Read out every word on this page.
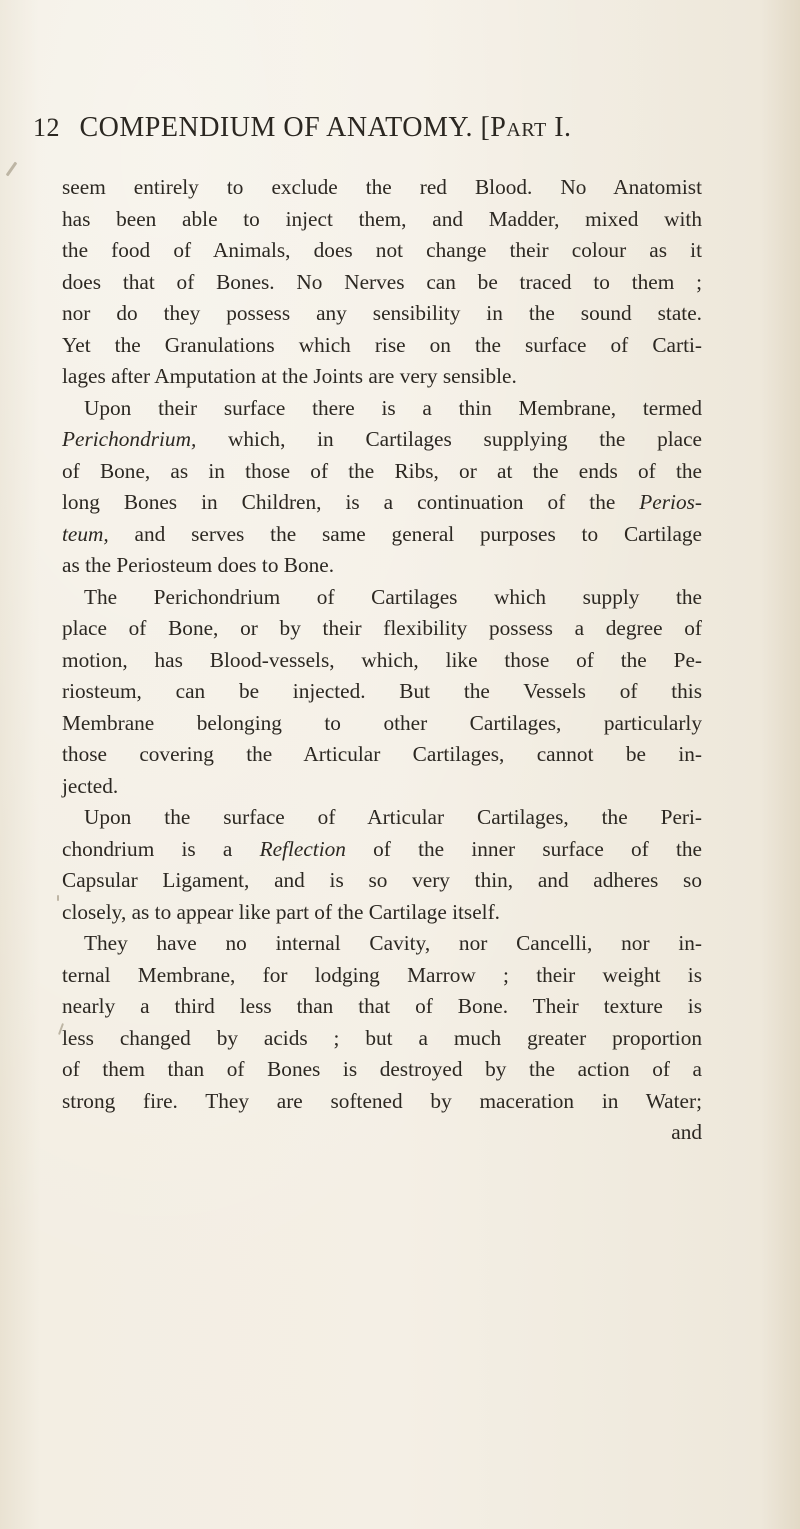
12 COMPENDIUM OF ANATOMY. [PART I.
seem entirely to exclude the red Blood. No Anatomist
has been able to inject them, and Madder, mixed with
the food of Animals, does not change their colour as it
does that of Bones. No Nerves can be traced to them ;
nor do they possess any sensibility in the sound state.
Yet the Granulations which rise on the surface of Carti-
lages after Amputation at the Joints are very sensible.
Upon their surface there is a thin Membrane, termed
Perichondrium, which, in Cartilages supplying the place
of Bone, as in those of the Ribs, or at the ends of the
long Bones in Children, is a continuation of the Perios-
teum, and serves the same general purposes to Cartilage
as the Periosteum does to Bone.
The Perichondrium of Cartilages which supply the
place of Bone, or by their flexibility possess a degree of
motion, has Blood-vessels, which, like those of the Pe-
riosteum, can be injected. But the Vessels of this
Membrane belonging to other Cartilages, particularly
those covering the Articular Cartilages, cannot be in-
jected.
Upon the surface of Articular Cartilages, the Peri-
chondrium is a Reflection of the inner surface of the
Capsular Ligament, and is so very thin, and adheres so
closely, as to appear like part of the Cartilage itself.
They have no internal Cavity, nor Cancelli, nor in-
ternal Membrane, for lodging Marrow ; their weight is
nearly a third less than that of Bone. Their texture is
less changed by acids ; but a much greater proportion
of them than of Bones is destroyed by the action of a
strong fire. They are softened by maceration in Water;
and
